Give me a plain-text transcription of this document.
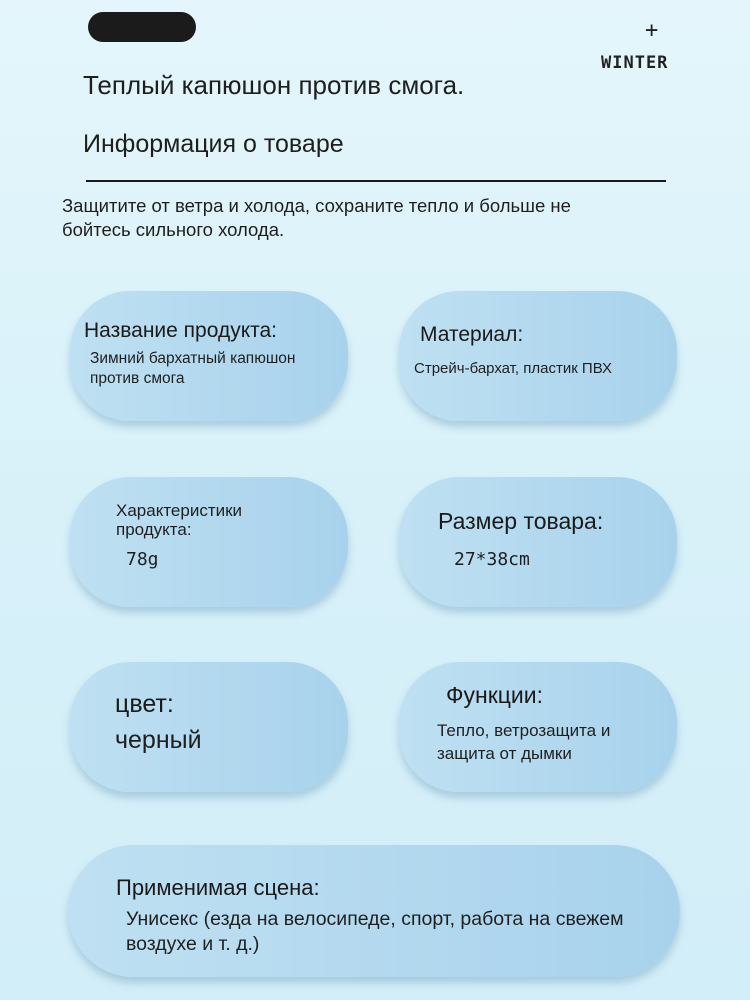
+
WINTER
Теплый капюшон против смога.
Информация о товаре
Защитите от ветра и холода, сохраните тепло и больше не бойтесь сильного холода.
Название продукта:
Зимний бархатный капюшон против смога
Материал:
Стрейч-бархат, пластик ПВХ
Характеристики продукта:
78g
Размер товара:
27*38cm
цвет:
черный
Функции:
Тепло, ветрозащита и защита от дымки
Применимая сцена:
Унисекс (езда на велосипеде, спорт, работа на свежем воздухе и т. д.)
